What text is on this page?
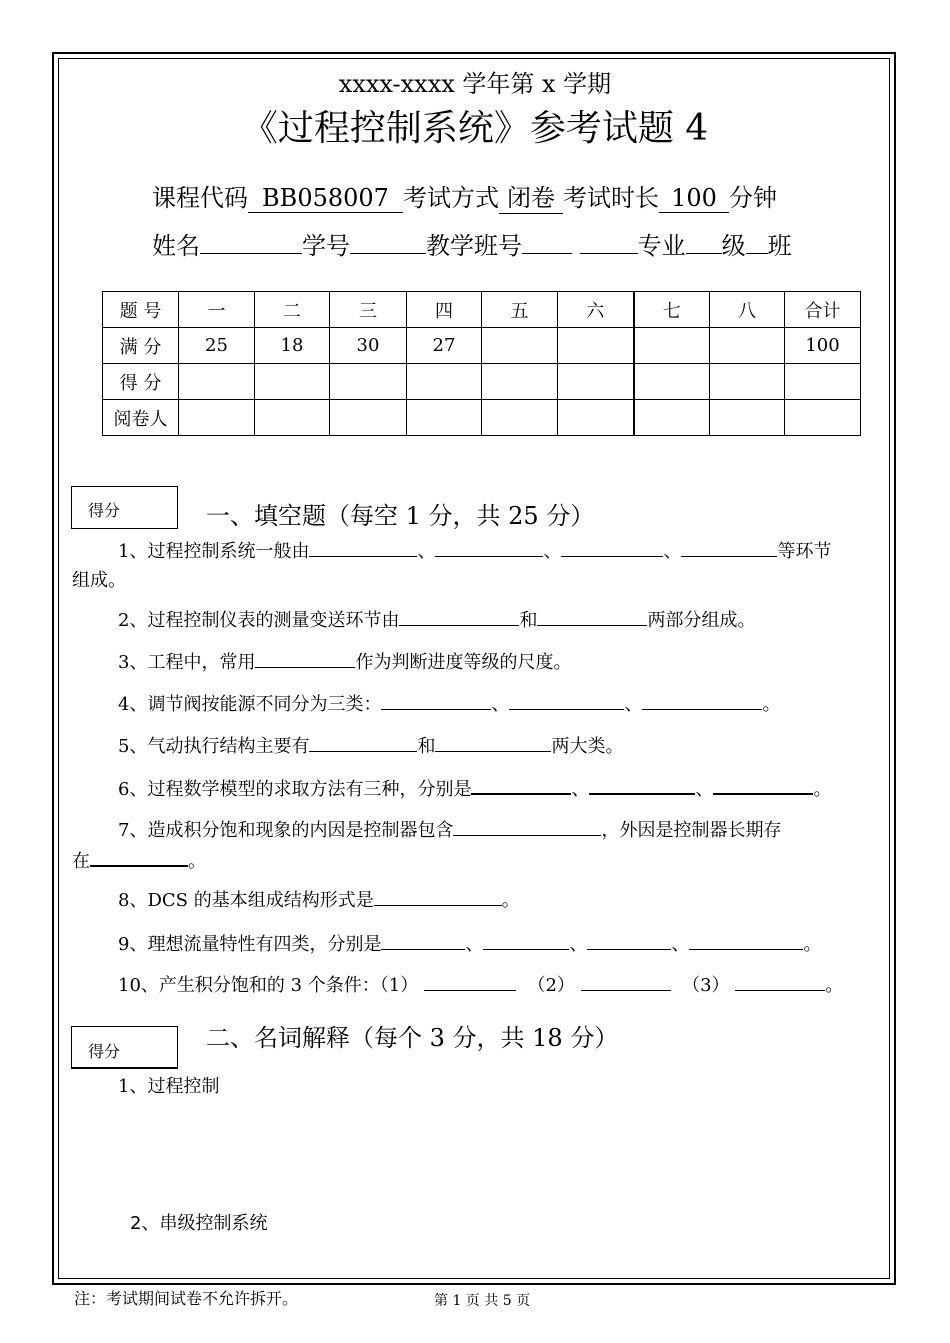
xxxx-xxxx 学年第 x 学期
《过程控制系统》参考试题 4
课程代码 BB058007 考试方式 闭卷 考试时长 100 分钟
姓名	学号	教学班号	专业 级 班
题 号	一	二	三	四	五	六	七	八	合计
满 分	25	18	30	27					100
得 分									
阅卷人									
得分	一、填空题（每空 1 分，共 25 分）
1、过程控制系统一般由	、	、	、	等环节
组成。
2、过程控制仪表的测量变送环节由	和	两部分组成。
3、工程中，常用	作为判断进度等级的尺度。
4、调节阀按能源不同分为三类：	、	、	。
5、气动执行结构主要有	和	两大类。
6、过程数学模型的求取方法有三种，分别是	、	、	。
7、造成积分饱和现象的内因是控制器包含	，外因是控制器长期存
在	。
8、DCS 的基本组成结构形式是	。
9、理想流量特性有四类，分别是	、	、	、	。
10、产生积分饱和的 3 个条件：（1）	（2）	（3）	。
得分	二、名词解释（每个 3 分，共 18 分）
1、过程控制
2、串级控制系统
注：考试期间试卷不允许拆开。	第 1 页 共 5 页
